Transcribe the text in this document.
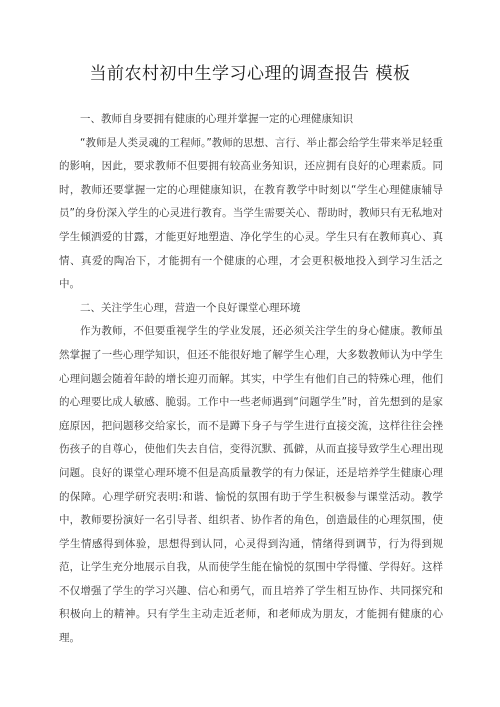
当前农村初中生学习心理的调查报告 模板

一、教师自身要拥有健康的心理并掌握一定的心理健康知识

“教师是人类灵魂的工程师。”教师的思想、言行、举止都会给学生带来举足轻重的影响，因此，要求教师不但要拥有较高业务知识，还应拥有良好的心理素质。同时，教师还要掌握一定的心理健康知识，在教育教学中时刻以“学生心理健康辅导员”的身份深入学生的心灵进行教育。当学生需要关心、帮助时，教师只有无私地对学生倾洒爱的甘露，才能更好地塑造、净化学生的心灵。学生只有在教师真心、真情、真爱的陶冶下，才能拥有一个健康的心理，才会更积极地投入到学习生活之中。

二、关注学生心理，营造一个良好课堂心理环境

作为教师，不但要重视学生的学业发展，还必须关注学生的身心健康。教师虽然掌握了一些心理学知识，但还不能很好地了解学生心理，大多数教师认为中学生心理问题会随着年龄的增长迎刃而解。其实，中学生有他们自己的特殊心理，他们的心理要比成人敏感、脆弱。工作中一些老师遇到“问题学生”时，首先想到的是家庭原因，把问题移交给家长，而不是蹲下身子与学生进行直接交流，这样往往会挫伤孩子的自尊心，使他们失去自信，变得沉默、孤僻，从而直接导致学生心理出现问题。良好的课堂心理环境不但是高质量教学的有力保证，还是培养学生健康心理的保障。心理学研究表明:和谐、愉悦的氛围有助于学生积极参与课堂活动。教学中，教师要扮演好一名引导者、组织者、协作者的角色，创造最佳的心理氛围，使学生情感得到体验，思想得到认同，心灵得到沟通，情绪得到调节，行为得到规范，让学生充分地展示自我，从而使学生能在愉悦的氛围中学得懂、学得好。这样不仅增强了学生的学习兴趣、信心和勇气，而且培养了学生相互协作、共同探究和积极向上的精神。只有学生主动走近老师，和老师成为朋友，才能拥有健康的心理。
